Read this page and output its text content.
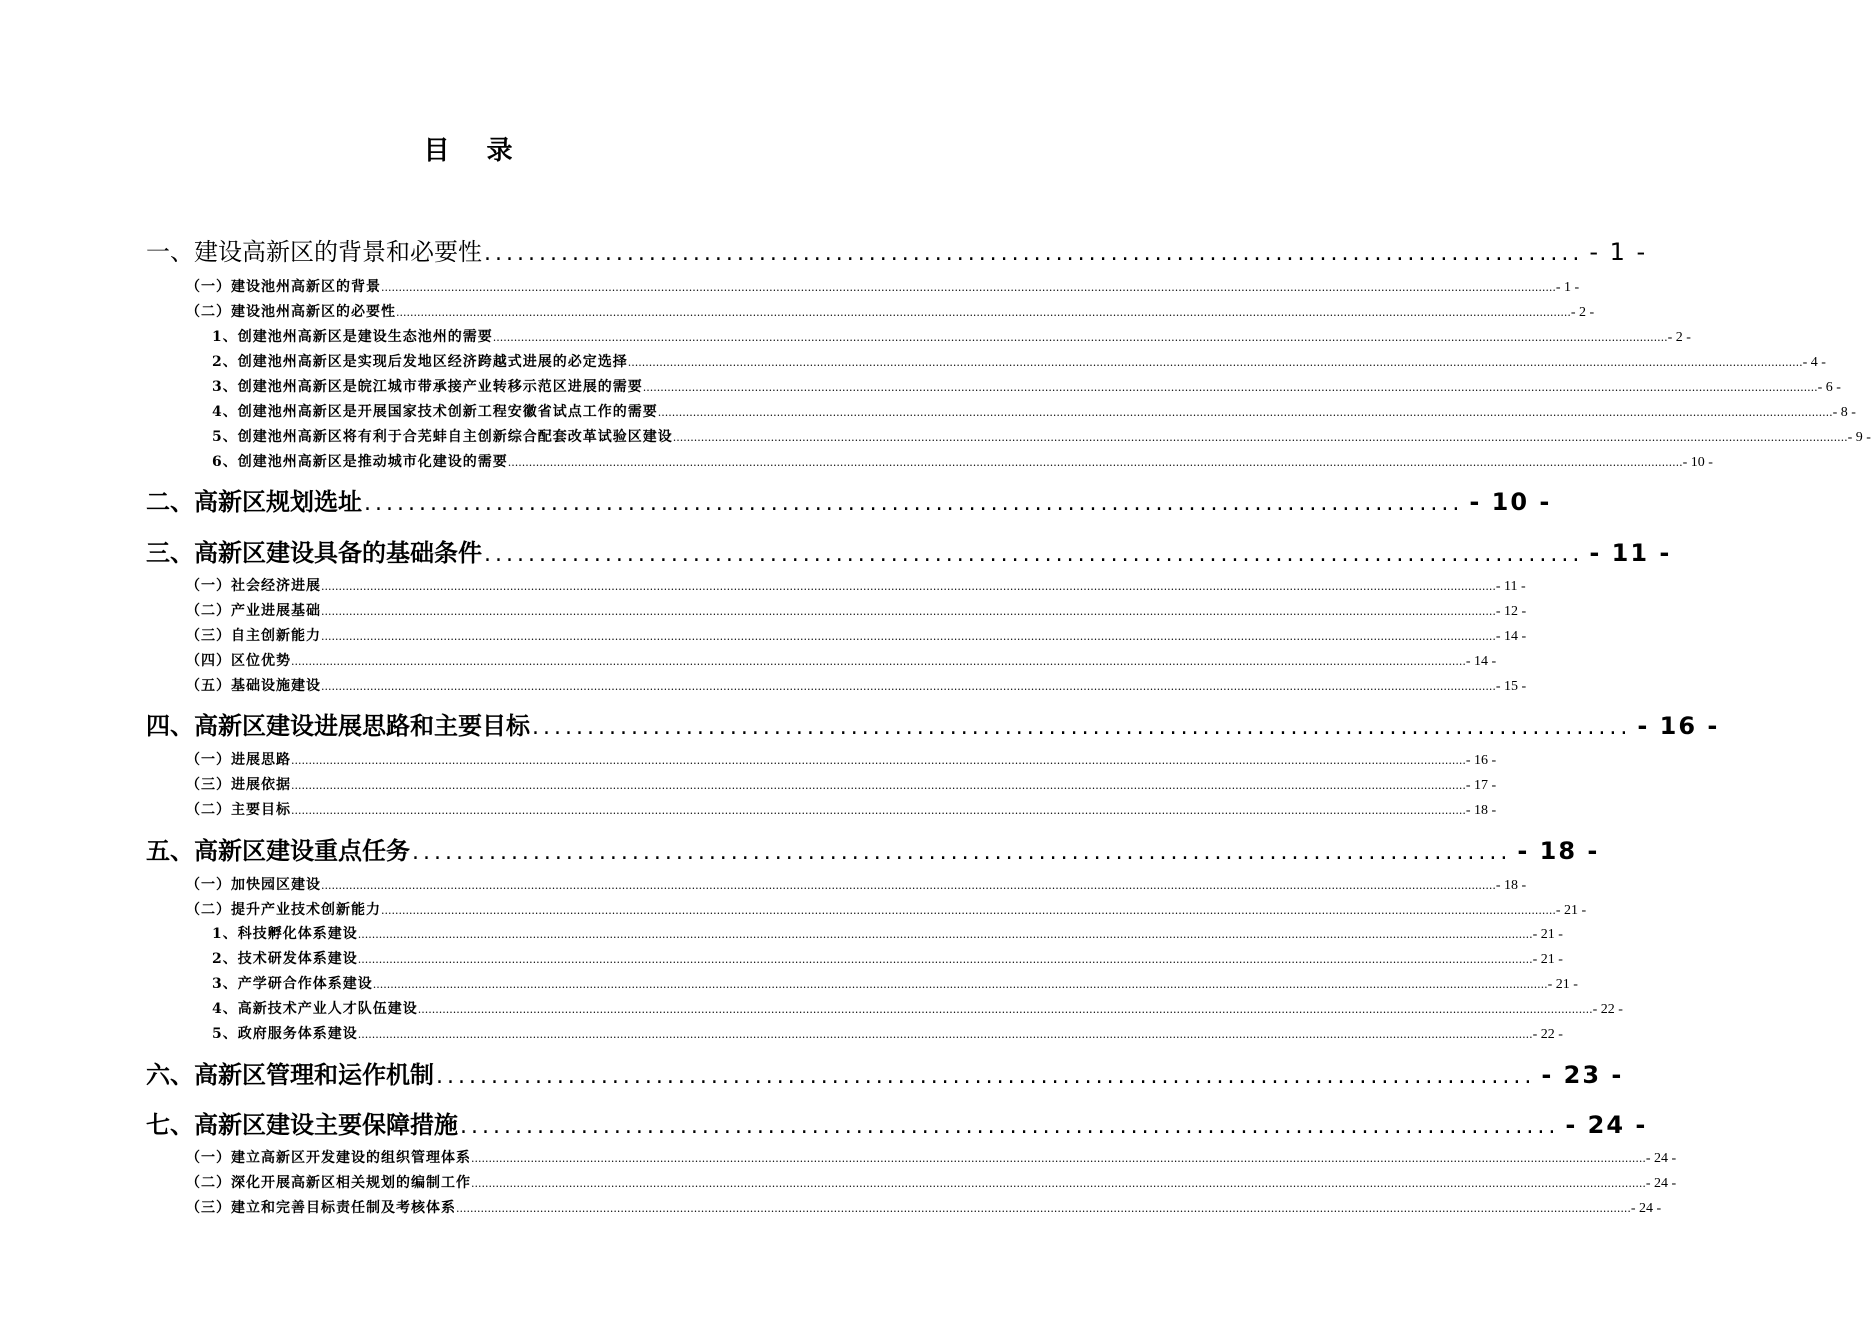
目 录
一、建设高新区的背景和必要性 .................................................................................................... - 1 -
（一）建设池州高新区的背景 ................................................................................................................................................................................................................................................................................................................................................ - 1 -
（二）建设池州高新区的必要性 ................................................................................................................................................................................................................................................................................................................................................ - 2 -
1、创建池州高新区是建设生态池州的需要 ................................................................................................................................................................................................................................................................................................................................................ - 2 -
2、创建池州高新区是实现后发地区经济跨越式进展的必定选择 ................................................................................................................................................................................................................................................................................................................................................ - 4 -
3、创建池州高新区是皖江城市带承接产业转移示范区进展的需要 ................................................................................................................................................................................................................................................................................................................................................ - 6 -
4、创建池州高新区是开展国家技术创新工程安徽省试点工作的需要 ................................................................................................................................................................................................................................................................................................................................................ - 8 -
5、创建池州高新区将有利于合芜蚌自主创新综合配套改革试验区建设 ................................................................................................................................................................................................................................................................................................................................................ - 9 -
6、创建池州高新区是推动城市化建设的需要 ................................................................................................................................................................................................................................................................................................................................................ - 10 -
二、高新区规划选址 .................................................................................................... - 10 -
三、高新区建设具备的基础条件 .................................................................................................... - 11 -
（一）社会经济进展 ................................................................................................................................................................................................................................................................................................................................................ - 11 -
（二）产业进展基础 ................................................................................................................................................................................................................................................................................................................................................ - 12 -
（三）自主创新能力 ................................................................................................................................................................................................................................................................................................................................................ - 14 -
（四）区位优势 ................................................................................................................................................................................................................................................................................................................................................ - 14 -
（五）基础设施建设 ................................................................................................................................................................................................................................................................................................................................................ - 15 -
四、高新区建设进展思路和主要目标 .................................................................................................... - 16 -
（一）进展思路 ................................................................................................................................................................................................................................................................................................................................................ - 16 -
（三）进展依据 ................................................................................................................................................................................................................................................................................................................................................ - 17 -
（二）主要目标 ................................................................................................................................................................................................................................................................................................................................................ - 18 -
五、高新区建设重点任务 .................................................................................................... - 18 -
（一）加快园区建设 ................................................................................................................................................................................................................................................................................................................................................ - 18 -
（二）提升产业技术创新能力 ................................................................................................................................................................................................................................................................................................................................................ - 21 -
1、科技孵化体系建设 ................................................................................................................................................................................................................................................................................................................................................ - 21 -
2、技术研发体系建设 ................................................................................................................................................................................................................................................................................................................................................ - 21 -
3、产学研合作体系建设 ................................................................................................................................................................................................................................................................................................................................................ - 21 -
4、高新技术产业人才队伍建设 ................................................................................................................................................................................................................................................................................................................................................ - 22 -
5、政府服务体系建设 ................................................................................................................................................................................................................................................................................................................................................ - 22 -
六、高新区管理和运作机制 .................................................................................................... - 23 -
七、高新区建设主要保障措施 .................................................................................................... - 24 -
（一）建立高新区开发建设的组织管理体系 ................................................................................................................................................................................................................................................................................................................................................ - 24 -
（二）深化开展高新区相关规划的编制工作 ................................................................................................................................................................................................................................................................................................................................................ - 24 -
（三）建立和完善目标责任制及考核体系 ................................................................................................................................................................................................................................................................................................................................................ - 24 -
